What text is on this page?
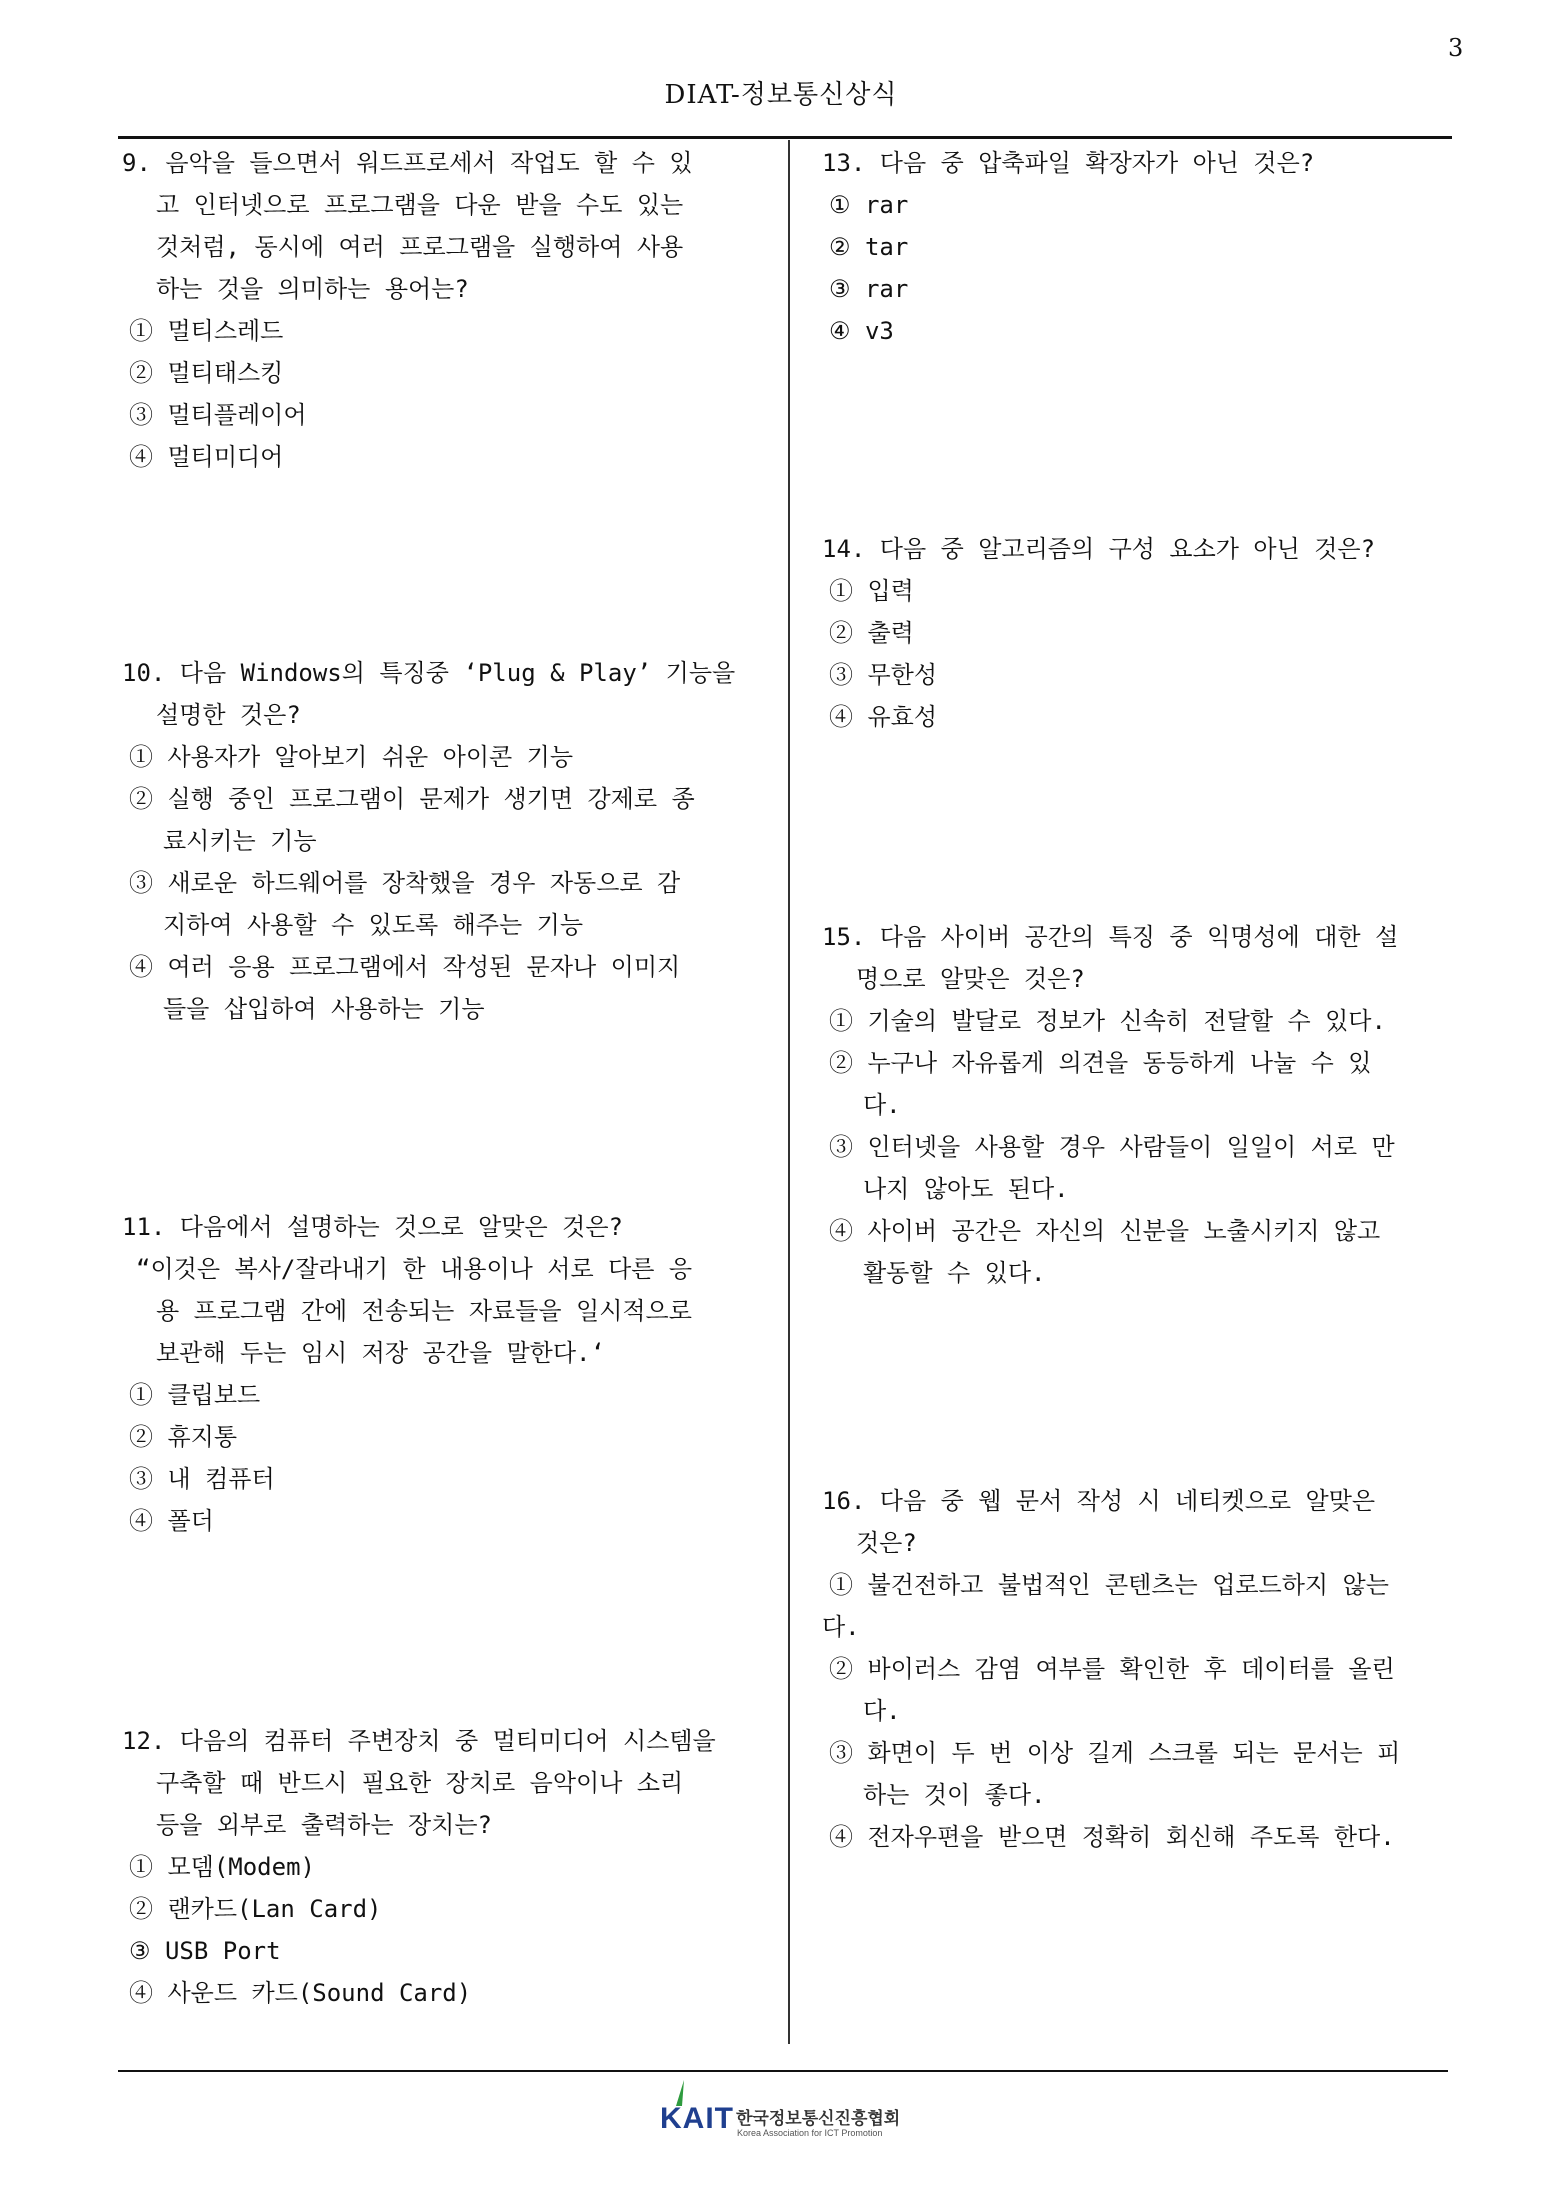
3
DIAT-정보통신상식
9. 음악을 들으면서 워드프로세서 작업도 할 수 있
고 인터넷으로 프로그램을 다운 받을 수도 있는
것처럼, 동시에 여러 프로그램을 실행하여 사용
하는 것을 의미하는 용어는?
① 멀티스레드
② 멀티태스킹
③ 멀티플레이어
④ 멀티미디어
10. 다음 Windows의 특징중 ‘Plug & Play’ 기능을
설명한 것은?
① 사용자가 알아보기 쉬운 아이콘 기능
② 실행 중인 프로그램이 문제가 생기면 강제로 종
료시키는 기능
③ 새로운 하드웨어를 장착했을 경우 자동으로 감
지하여 사용할 수 있도록 해주는 기능
④ 여러 응용 프로그램에서 작성된 문자나 이미지
들을 삽입하여 사용하는 기능
11. 다음에서 설명하는 것으로 알맞은 것은?
“이것은 복사/잘라내기 한 내용이나 서로 다른 응
용 프로그램 간에 전송되는 자료들을 일시적으로
보관해 두는 임시 저장 공간을 말한다.‘
① 클립보드
② 휴지통
③ 내 컴퓨터
④ 폴더
12. 다음의 컴퓨터 주변장치 중 멀티미디어 시스템을
구축할 때 반드시 필요한 장치로 음악이나 소리
등을 외부로 출력하는 장치는?
① 모뎀(Modem)
② 랜카드(Lan Card)
③ USB Port
④ 사운드 카드(Sound Card)
13. 다음 중 압축파일 확장자가 아닌 것은?
① rar
② tar
③ rar
④ v3
14. 다음 중 알고리즘의 구성 요소가 아닌 것은?
① 입력
② 출력
③ 무한성
④ 유효성
15. 다음 사이버 공간의 특징 중 익명성에 대한 설
명으로 알맞은 것은?
① 기술의 발달로 정보가 신속히 전달할 수 있다.
② 누구나 자유롭게 의견을 동등하게 나눌 수 있
다.
③ 인터넷을 사용할 경우 사람들이 일일이 서로 만
나지 않아도 된다.
④ 사이버 공간은 자신의 신분을 노출시키지 않고
활동할 수 있다.
16. 다음 중 웹 문서 작성 시 네티켓으로 알맞은
것은?
① 불건전하고 불법적인 콘텐츠는 업로드하지 않는
다.
② 바이러스 감염 여부를 확인한 후 데이터를 올린
다.
③ 화면이 두 번 이상 길게 스크롤 되는 문서는 피
하는 것이 좋다.
④ 전자우편을 받으면 정확히 회신해 주도록 한다.
KAIT 한국정보통신진흥협회
Korea Association for ICT Promotion
